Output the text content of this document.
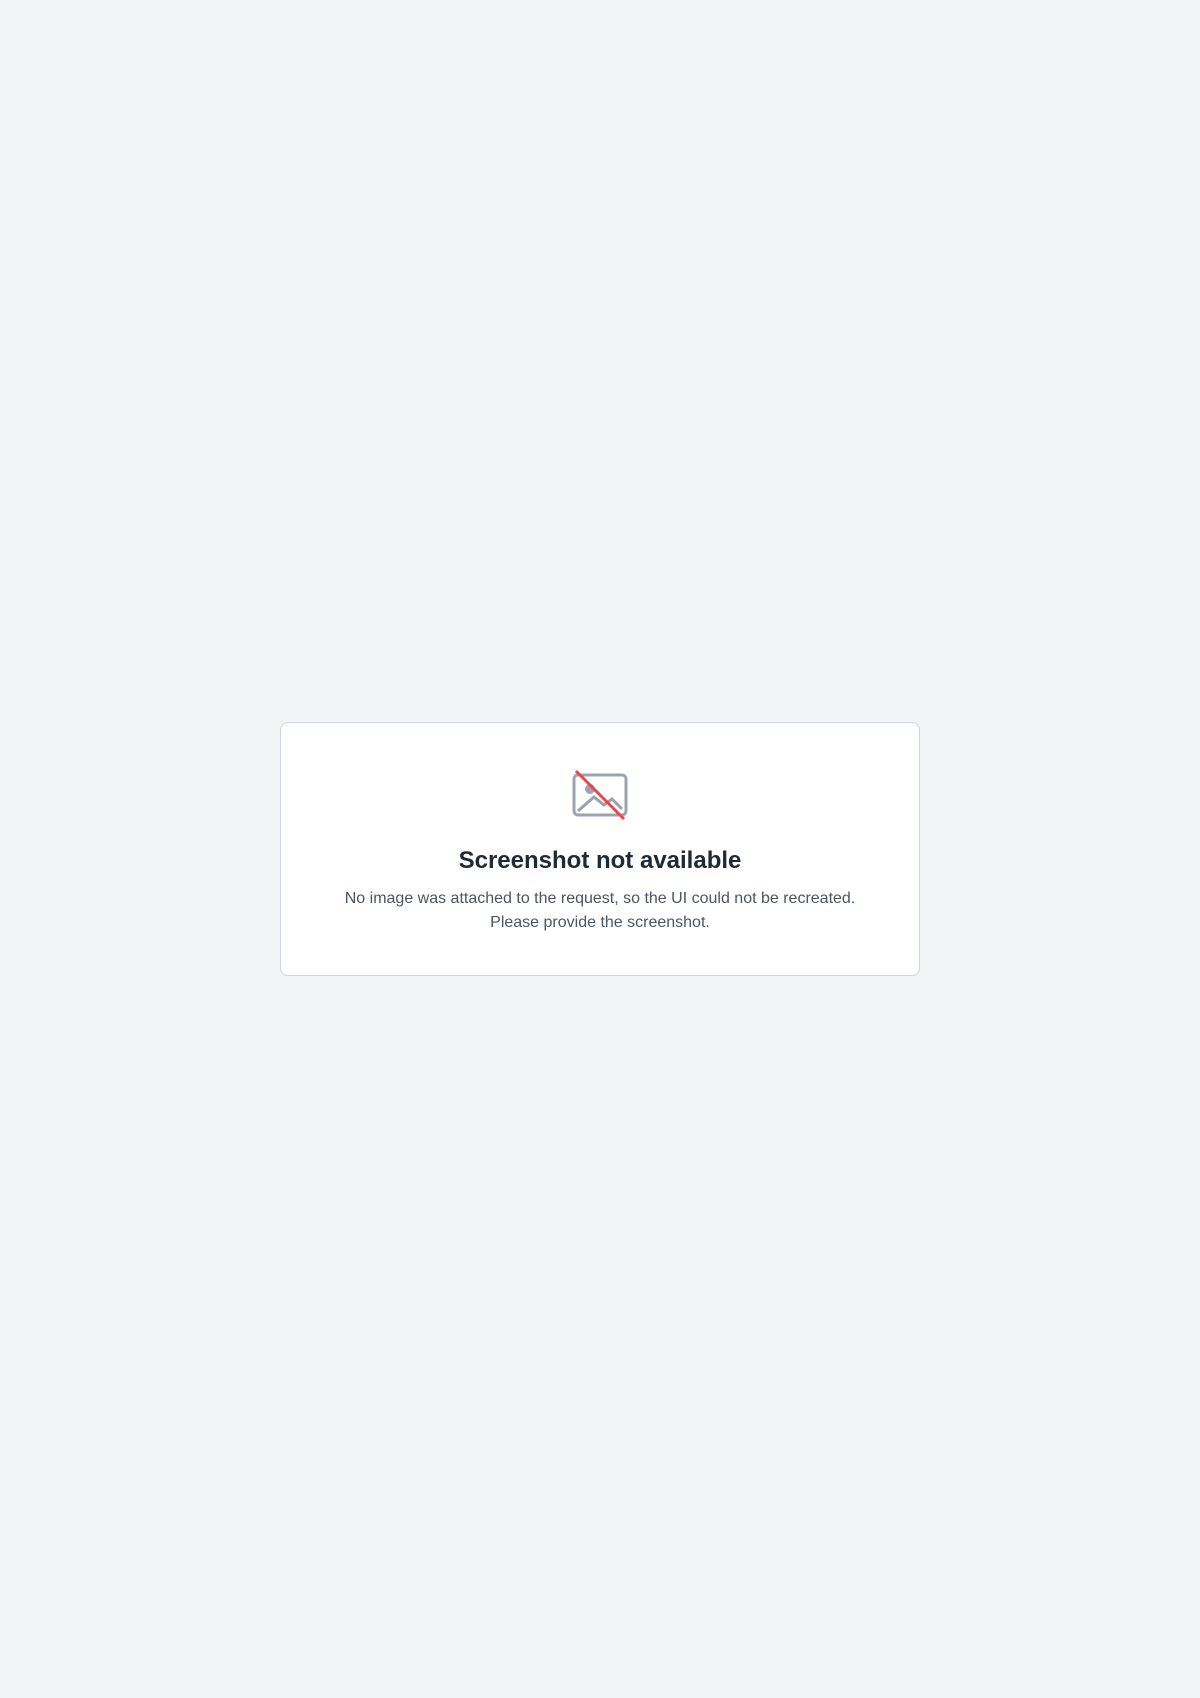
Screenshot not available

No image was attached to the request, so the UI could not be recreated. Please provide the screenshot.
